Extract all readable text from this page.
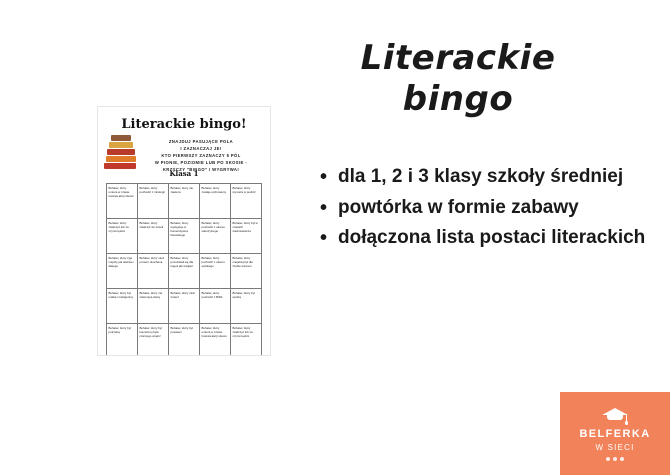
Literackie
bingo
• dla 1, 2 i 3 klasy szkoły średniej
• powtórka w formie zabawy
• dołączona lista postaci literackich
Literackie bingo!
ZNAJDUJ PASUJĄCE POLA
I ZAZNACZAJ JE!
KTO PIERWSZY ZAZNACZY 5 PÓL
W PIONIE, POZIOMIE LUB PO SKOSIE -
KRZYCZY "BINGO" I WYGRYWA!
Klasa 1
Bohater, który umiera w czasie trwania akcji utworu	Bohater, który pochodzi z mitologii	Bohater, który nie zawiera	Bohater, który zostaje uzdrowiony	Bohater, który wyrusza w podróż
Bohater, który zwalczyć lub za czymś tęskni	Bohater, który zwalczył nie wrócił	Bohater, który występuje w Kamerdynera literackiego	Bohater, który pochodzi z okresu starożytnego	Bohater, który był w czasach średniowiecza
Bohater, który żyje między jak wieków i dlatego	Bohater, który mieć ponad i ukochana	Bohater, który pozostawił się dla kogoś jak wzgląd	Bohater, który pochodzi z utworu epickiego	Bohater, który miejskiej był dla Ciebie wzorem
Bohater, który był matką i inteligentny	Bohater, który ma zwierzęcą skórę	Bohater, który miał śmierć	Bohater, który pochodzi z Biblii	Bohater, który był wodzą
Bohater, który był potrzebą	Bohater, który był komicznej była czarnego wnętrz	Bohater, który był powieści	Bohater, który umiera w czasie trwania akcji utworu	Bohater, który zwalczyć lub za czymś tęskni
BELFERKA
W SIECI
